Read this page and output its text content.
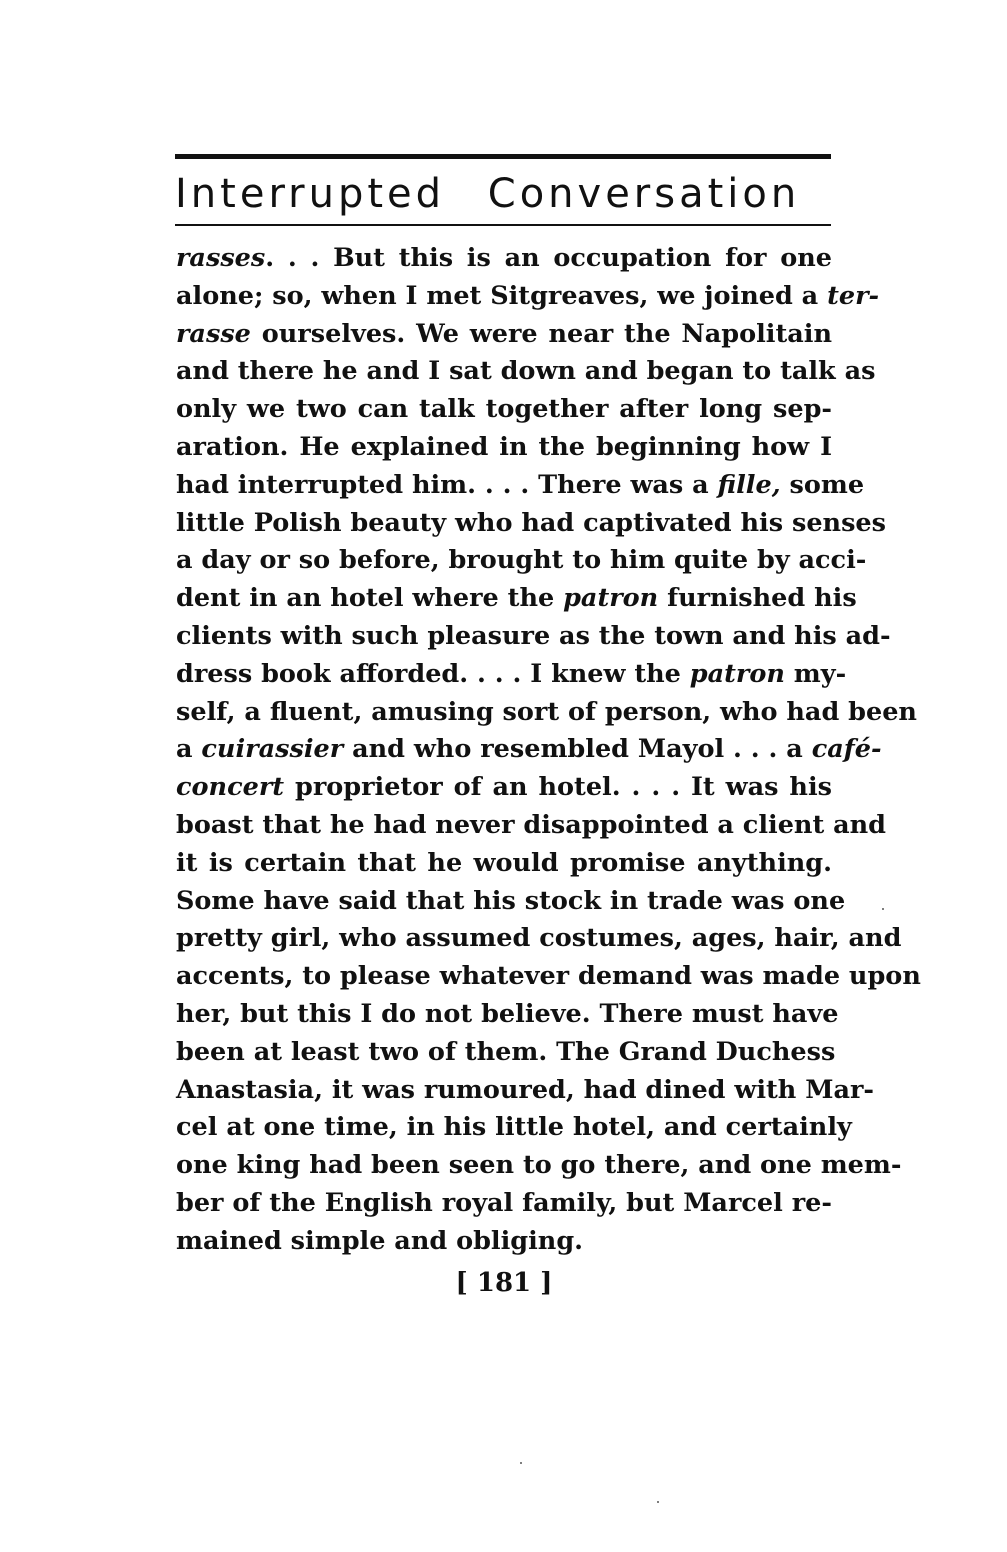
Interrupted Conversation
rasses. . . But this is an occupation for one
alone; so, when I met Sitgreaves, we joined a ter-
rasse ourselves. We were near the Napolitain
and there he and I sat down and began to talk as
only we two can talk together after long sep-
aration. He explained in the beginning how I
had interrupted him. . . . There was a fille, some
little Polish beauty who had captivated his senses
a day or so before, brought to him quite by acci-
dent in an hotel where the patron furnished his
clients with such pleasure as the town and his ad-
dress book afforded. . . . I knew the patron my-
self, a fluent, amusing sort of person, who had been
a cuirassier and who resembled Mayol . . . a café-
concert proprietor of an hotel. . . . It was his
boast that he had never disappointed a client and
it is certain that he would promise anything.
Some have said that his stock in trade was one
pretty girl, who assumed costumes, ages, hair, and
accents, to please whatever demand was made upon
her, but this I do not believe. There must have
been at least two of them. The Grand Duchess
Anastasia, it was rumoured, had dined with Mar-
cel at one time, in his little hotel, and certainly
one king had been seen to go there, and one mem-
ber of the English royal family, but Marcel re-
mained simple and obliging.
[ 181 ]
